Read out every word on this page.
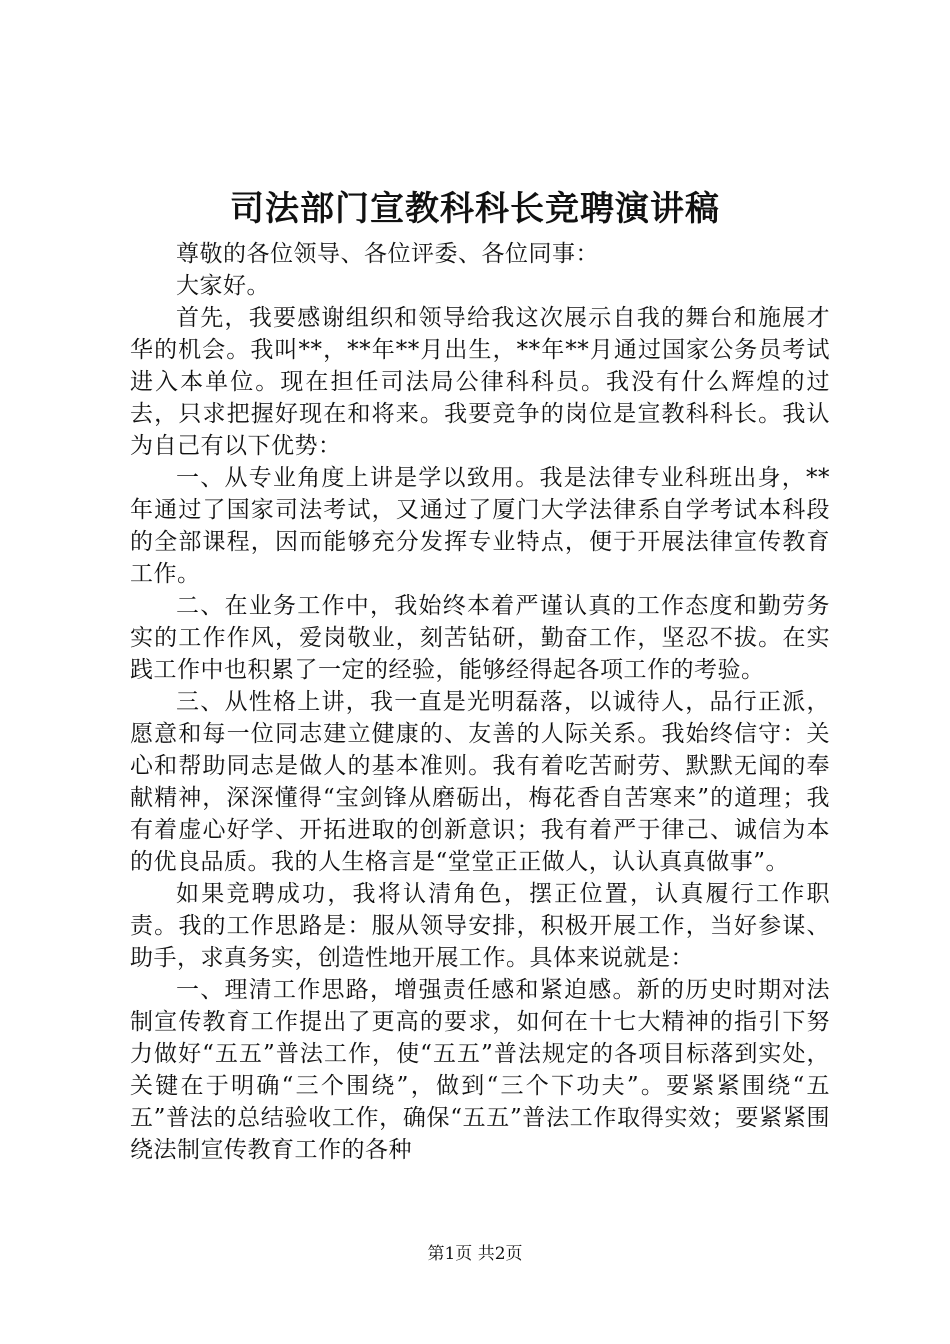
司法部门宣教科科长竞聘演讲稿

尊敬的各位领导、各位评委、各位同事：

大家好。

首先，我要感谢组织和领导给我这次展示自我的舞台和施展才华的机会。我叫**，**年**月出生，**年**月通过国家公务员考试进入本单位。现在担任司法局公律科科员。我没有什么辉煌的过去，只求把握好现在和将来。我要竞争的岗位是宣教科科长。我认为自己有以下优势：

一、从专业角度上讲是学以致用。我是法律专业科班出身，**年通过了国家司法考试，又通过了厦门大学法律系自学考试本科段的全部课程，因而能够充分发挥专业特点，便于开展法律宣传教育工作。

二、在业务工作中，我始终本着严谨认真的工作态度和勤劳务实的工作作风，爱岗敬业，刻苦钻研，勤奋工作，坚忍不拔。在实践工作中也积累了一定的经验，能够经得起各项工作的考验。

三、从性格上讲，我一直是光明磊落，以诚待人，品行正派，愿意和每一位同志建立健康的、友善的人际关系。我始终信守：关心和帮助同志是做人的基本准则。我有着吃苦耐劳、默默无闻的奉献精神，深深懂得“宝剑锋从磨砺出，梅花香自苦寒来”的道理；我有着虚心好学、开拓进取的创新意识；我有着严于律己、诚信为本的优良品质。我的人生格言是“堂堂正正做人，认认真真做事”。

如果竞聘成功，我将认清角色，摆正位置，认真履行工作职责。我的工作思路是：服从领导安排，积极开展工作，当好参谋、助手，求真务实，创造性地开展工作。具体来说就是：

一、理清工作思路，增强责任感和紧迫感。新的历史时期对法制宣传教育工作提出了更高的要求，如何在十七大精神的指引下努力做好“五五”普法工作，使“五五”普法规定的各项目标落到实处，关键在于明确“三个围绕”，做到“三个下功夫”。要紧紧围绕“五五”普法的总结验收工作，确保“五五”普法工作取得实效；要紧紧围绕法制宣传教育工作的各种

第1页 共2页
